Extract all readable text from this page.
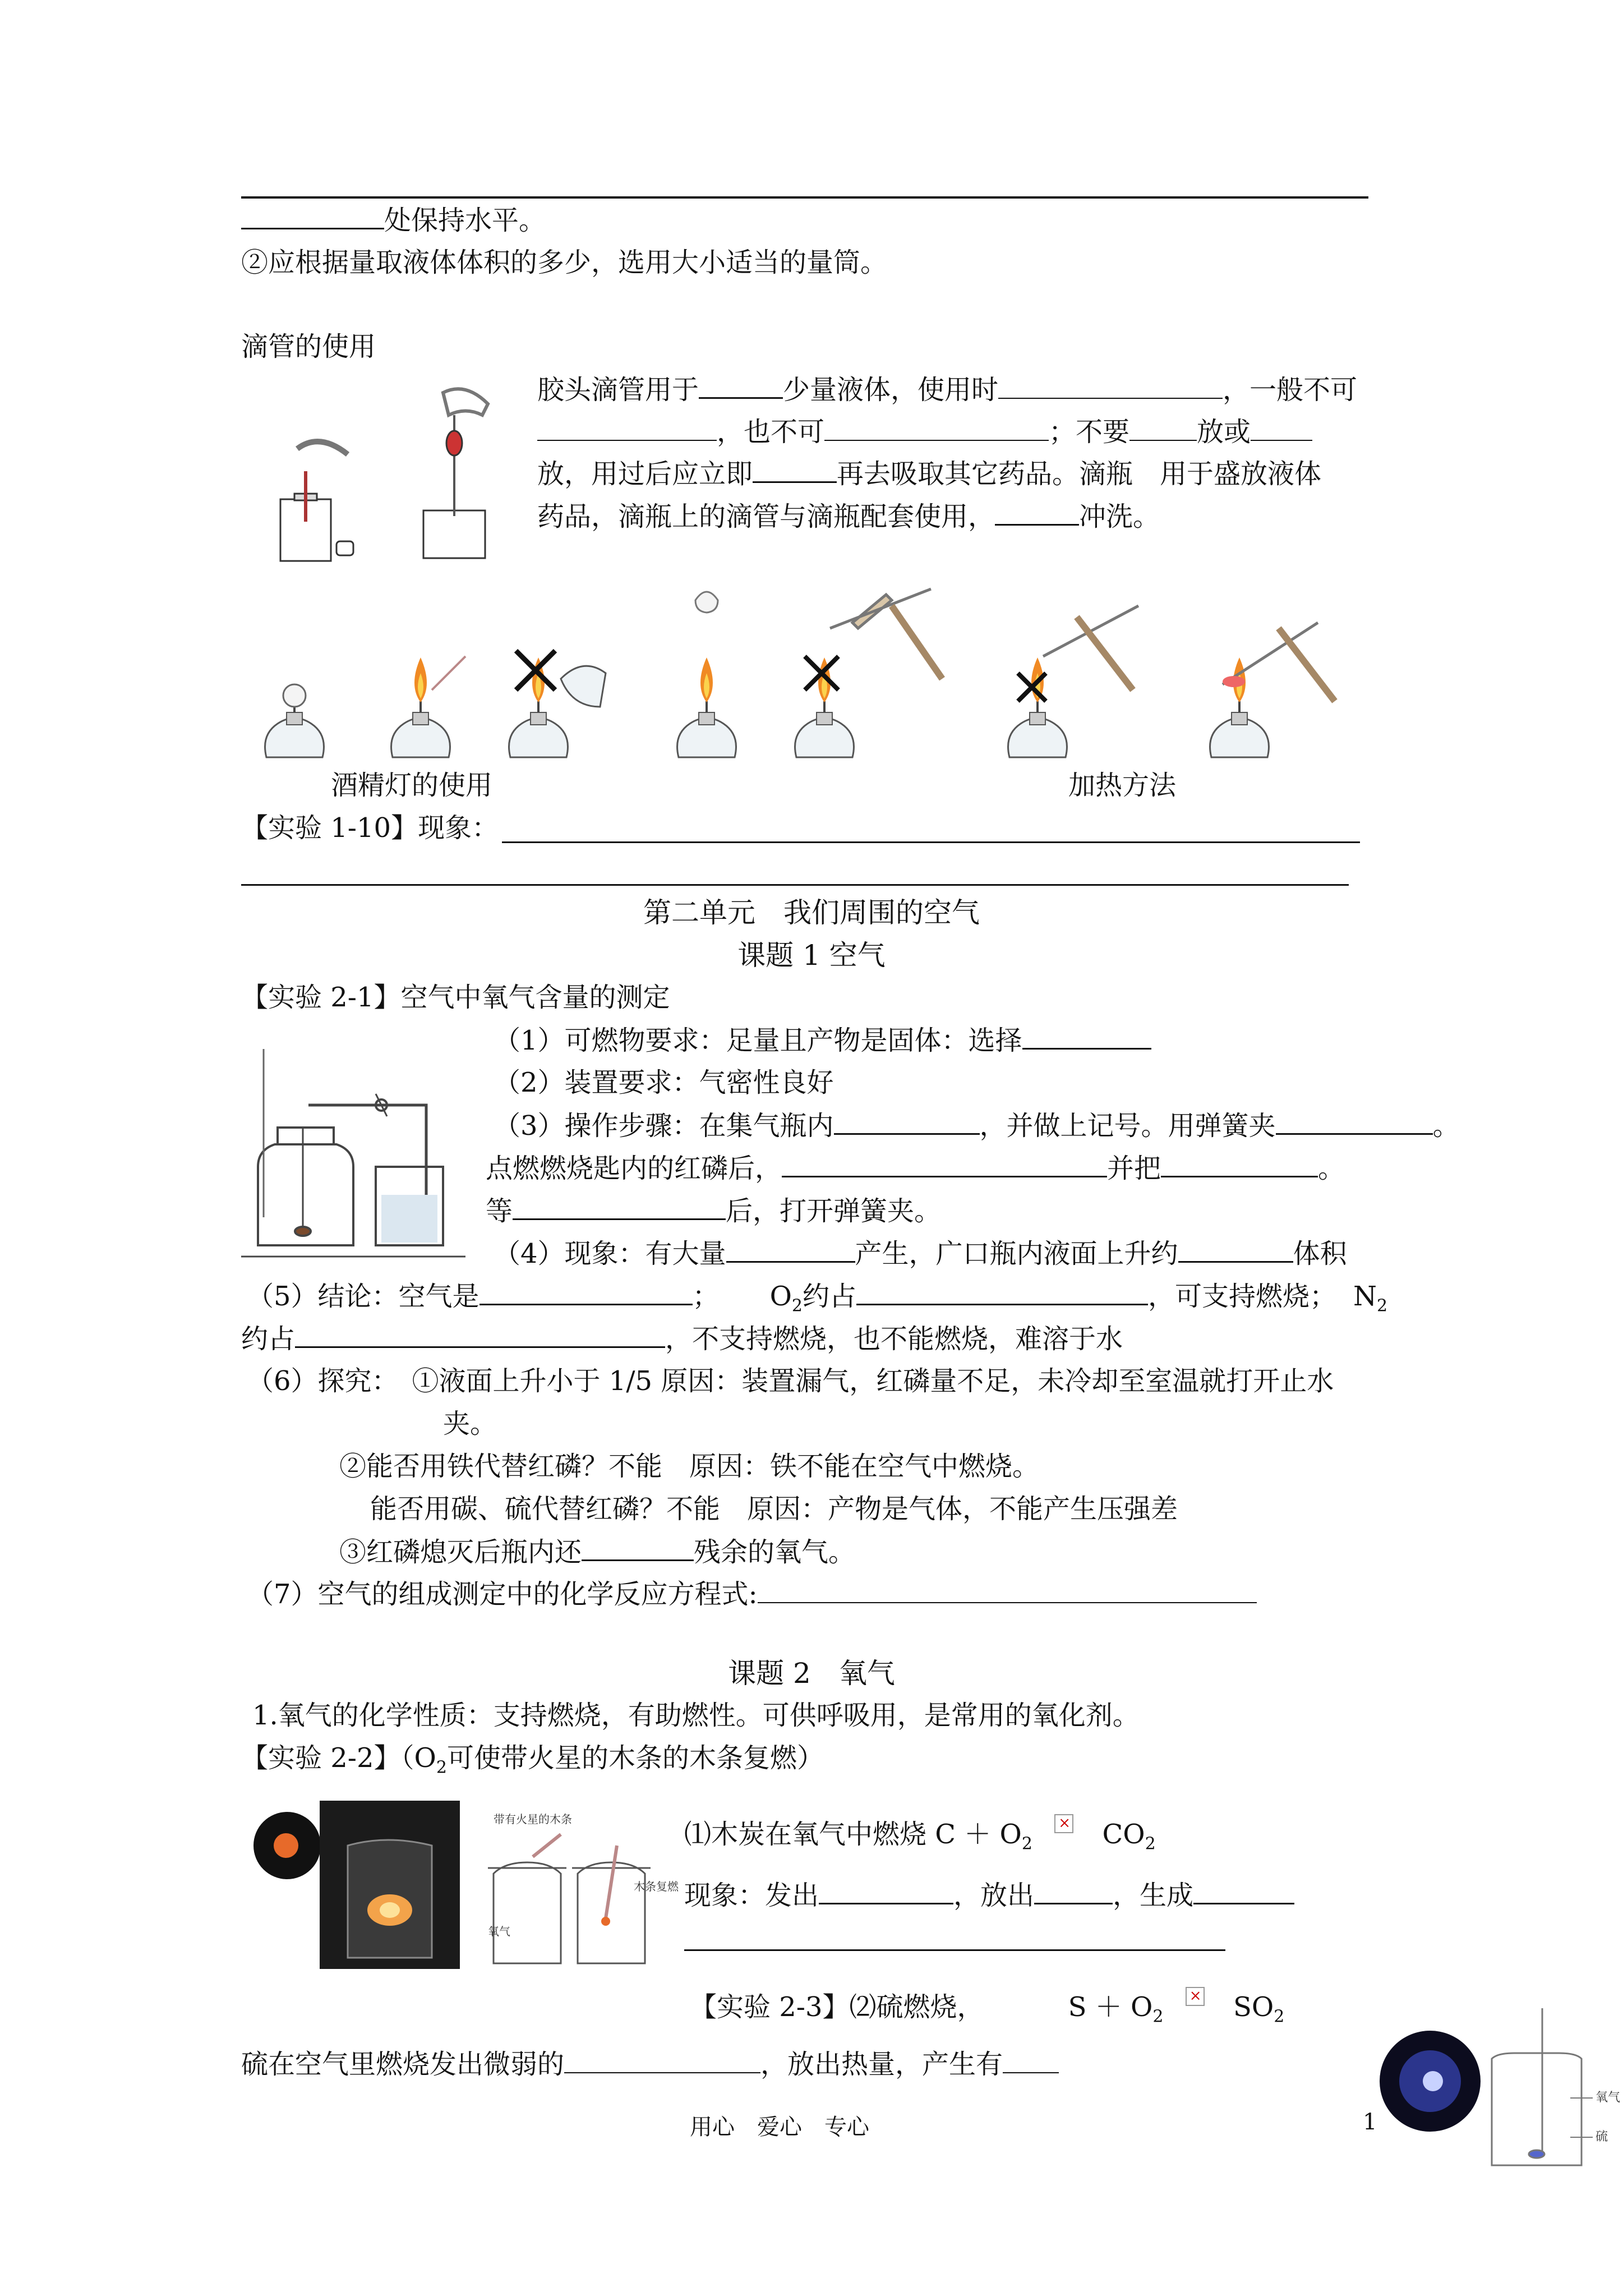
处保持水平。
②应根据量取液体体积的多少，选用大小适当的量筒。
滴管的使用
胶头滴管用于	少量液体，使用时	，一般不可
，也不可	；不要	放或
放，用过后应立即	再去吸取其它药品。滴瓶　用于盛放液体
药品，滴瓶上的滴管与滴瓶配套使用，	冲洗。
酒精灯的使用	加热方法
【实验 1-10】现象：
第二单元　我们周围的空气
课题 1 空气
【实验 2-1】空气中氧气含量的测定
（1）可燃物要求：足量且产物是固体：选择
（2）装置要求：气密性良好
（3）操作步骤：在集气瓶内	，并做上记号。用弹簧夹	。
点燃燃烧匙内的红磷后，	并把	。
等	后，打开弹簧夹。
（4）现象：有大量	产生，广口瓶内液面上升约	体积
（5）结论：空气是	； $O_2$约占	，可支持燃烧； $N_2$
约占	，不支持燃烧，也不能燃烧，难溶于水
（6）探究：　①液面上升小于 1/5 原因：装置漏气，红磷量不足，未冷却至室温就打开止水
夹。
②能否用铁代替红磷？不能　原因：铁不能在空气中燃烧。
能否用碳、硫代替红磷？不能　原因：产物是气体，不能产生压强差
③红磷熄灭后瓶内还	残余的氧气。
（7）空气的组成测定中的化学反应方程式:
课题 2　氧气
1.氧气的化学性质：支持燃烧，有助燃性。可供呼吸用，是常用的氧化剂。
【实验 2-2】（$O_2$可使带火星的木条的木条复燃）
带有火星的木条
木条复燃
氧气
⑴木炭在氧气中燃烧 $C + O_2$
× $CO_2$
现象：发出	，放出	，生成
【实验 2-3】⑵硫燃烧，	$S + O_2$
× $SO_2$
硫在空气里燃烧发出微弱的	，放出热量，产生有
氧气
硫
用心　爱心　专心	1
